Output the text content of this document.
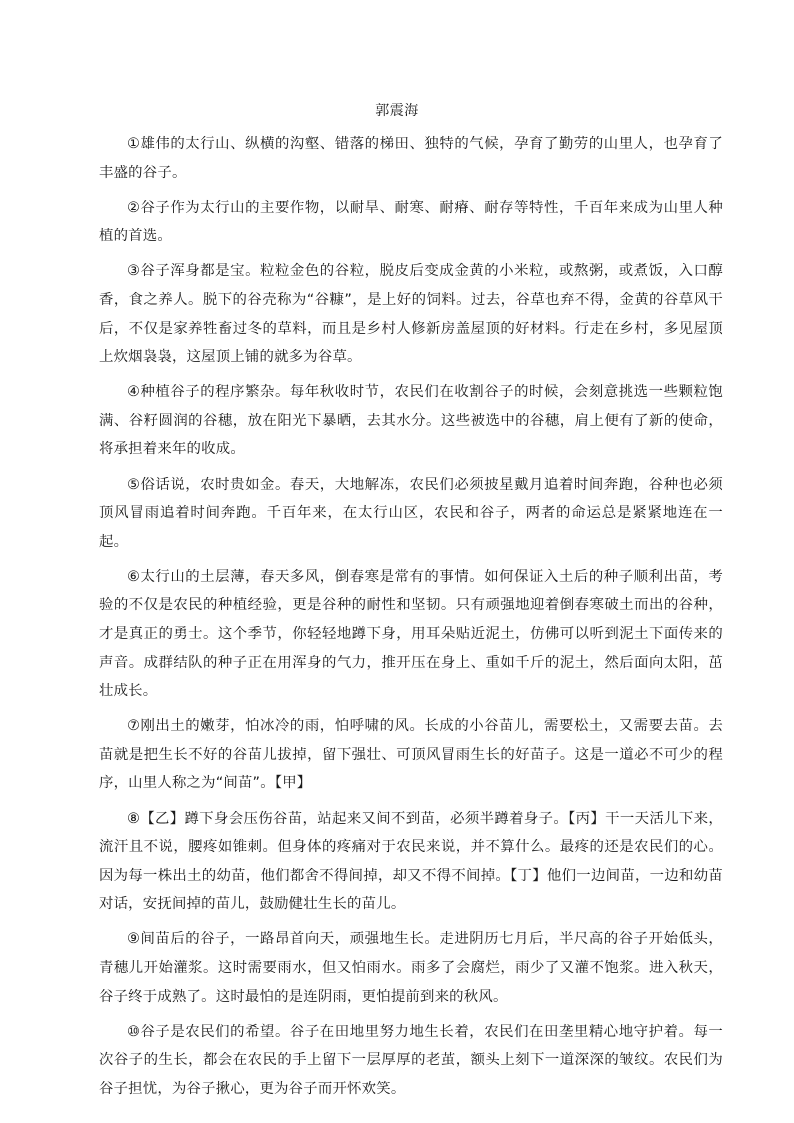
郭震海

①雄伟的太行山、纵横的沟壑、错落的梯田、独特的气候，孕育了勤劳的山里人，也孕育了丰盛的谷子。

②谷子作为太行山的主要作物，以耐旱、耐寒、耐瘠、耐存等特性，千百年来成为山里人种植的首选。

③谷子浑身都是宝。粒粒金色的谷粒，脱皮后变成金黄的小米粒，或熬粥，或煮饭，入口醇香，食之养人。脱下的谷壳称为“谷糠”，是上好的饲料。过去，谷草也弃不得，金黄的谷草风干后，不仅是家养牲畜过冬的草料，而且是乡村人修新房盖屋顶的好材料。行走在乡村，多见屋顶上炊烟袅袅，这屋顶上铺的就多为谷草。

④种植谷子的程序繁杂。每年秋收时节，农民们在收割谷子的时候，会刻意挑选一些颗粒饱满、谷籽圆润的谷穗，放在阳光下暴晒，去其水分。这些被选中的谷穗，肩上便有了新的使命，将承担着来年的收成。

⑤俗话说，农时贵如金。春天，大地解冻，农民们必须披星戴月追着时间奔跑，谷种也必须顶风冒雨追着时间奔跑。千百年来，在太行山区，农民和谷子，两者的命运总是紧紧地连在一起。

⑥太行山的土层薄，春天多风，倒春寒是常有的事情。如何保证入土后的种子顺利出苗，考验的不仅是农民的种植经验，更是谷种的耐性和坚韧。只有顽强地迎着倒春寒破土而出的谷种，才是真正的勇士。这个季节，你轻轻地蹲下身，用耳朵贴近泥土，仿佛可以听到泥土下面传来的声音。成群结队的种子正在用浑身的气力，推开压在身上、重如千斤的泥土，然后面向太阳，茁壮成长。

⑦刚出土的嫩芽，怕冰冷的雨，怕呼啸的风。长成的小谷苗儿，需要松土，又需要去苗。去苗就是把生长不好的谷苗儿拔掉，留下强壮、可顶风冒雨生长的好苗子。这是一道必不可少的程序，山里人称之为“间苗”。【甲】

⑧【乙】蹲下身会压伤谷苗，站起来又间不到苗，必须半蹲着身子。【丙】干一天活儿下来，流汗且不说，腰疼如锥刺。但身体的疼痛对于农民来说，并不算什么。最疼的还是农民们的心。因为每一株出土的幼苗，他们都舍不得间掉，却又不得不间掉。【丁】他们一边间苗，一边和幼苗对话，安抚间掉的苗儿，鼓励健壮生长的苗儿。

⑨间苗后的谷子，一路昂首向天，顽强地生长。走进阴历七月后，半尺高的谷子开始低头，青穗儿开始灌浆。这时需要雨水，但又怕雨水。雨多了会腐烂，雨少了又灌不饱浆。进入秋天，谷子终于成熟了。这时最怕的是连阴雨，更怕提前到来的秋风。

⑩谷子是农民们的希望。谷子在田地里努力地生长着，农民们在田垄里精心地守护着。每一次谷子的生长，都会在农民的手上留下一层厚厚的老茧，额头上刻下一道深深的皱纹。农民们为谷子担忧，为谷子揪心，更为谷子而开怀欢笑。
